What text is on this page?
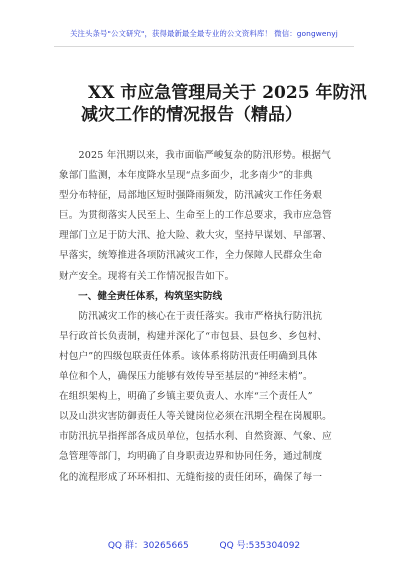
关注头条号"公文研究"，获得最新最全最专业的公文资料库！ 微信：gongwenyj
XX 市应急管理局关于 2025 年防汛
减灾工作的情况报告（精品）

　　2025 年汛期以来，我市面临严峻复杂的防汛形势。根据气
象部门监测，本年度降水呈现“点多面少，北多南少”的非典
型分布特征，局部地区短时强降雨频发，防汛减灾工作任务艰
巨。为贯彻落实人民至上、生命至上的工作总要求，我市应急管
理部门立足于防大汛、抢大险、救大灾，坚持早谋划、早部署、
早落实，统筹推进各项防汛减灾工作，全力保障人民群众生命
财产安全。现将有关工作情况报告如下。

　　一、健全责任体系，构筑坚实防线

　　防汛减灾工作的核心在于责任落实。我市严格执行防汛抗
旱行政首长负责制，构建并深化了“市包县、县包乡、乡包村、
村包户”的四级包联责任体系。该体系将防汛责任明确到具体
单位和个人，确保压力能够有效传导至基层的“神经末梢”。
在组织架构上，明确了乡镇主要负责人、水库“三个责任人”
以及山洪灾害防御责任人等关键岗位必须在汛期全程在岗履职。
市防汛抗旱指挥部各成员单位，包括水利、自然资源、气象、应
急管理等部门，均明确了自身职责边界和协同任务，通过制度
化的流程形成了环环相扣、无缝衔接的责任闭环，确保了每一

QQ 群：30265665	QQ 号:535304092
